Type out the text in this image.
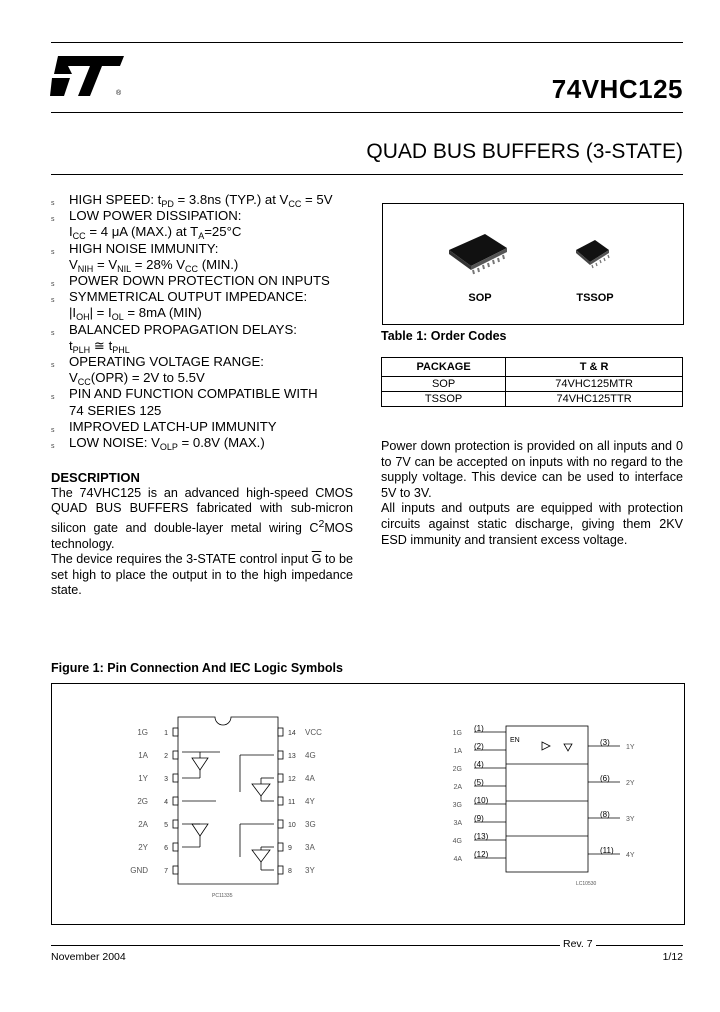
®	74VHC125
QUAD BUS BUFFERS (3-STATE)
s HIGH SPEED: $t_{PD} = 3.8ns$ (TYP.) at $V_{CC} = 5V$
s LOW POWER DISSIPATION:
$I_{CC} = 4$ μA (MAX.) at $T_A=25^\circ C$
s HIGH NOISE IMMUNITY:
$V_{NIH} = V_{NIL} = 28\%$ $V_{CC}$ (MIN.)
s POWER DOWN PROTECTION ON INPUTS
s SYMMETRICAL OUTPUT IMPEDANCE:
$|I_{OH}| = I_{OL} = 8mA$ (MIN)
s BALANCED PROPAGATION DELAYS:
$t_{PLH}$ ≅ $t_{PHL}$
s OPERATING VOLTAGE RANGE:
$V_{CC}(OPR) = 2V$ to 5.5V
s PIN AND FUNCTION COMPATIBLE WITH
74 SERIES 125
s IMPROVED LATCH-UP IMMUNITY
s LOW NOISE: $V_{OLP} = 0.8V$ (MAX.)
DESCRIPTION
The 74VHC125 is an advanced high-speed CMOS QUAD BUS BUFFERS fabricated with sub-micron silicon gate and double-layer metal wiring $C^2MOS$ technology.
The device requires the 3-STATE control input $\overline{G}$ to be set high to place the output in to the high impedance state.
SOP	TSSOP
Table 1: Order Codes
PACKAGE	T & R
SOP	74VHC125MTR
TSSOP	74VHC125TTR
Power down protection is provided on all inputs and 0 to 7V can be accepted on inputs with no regard to the supply voltage. This device can be used to interface 5V to 3V.
All inputs and outputs are equipped with protection circuits against static discharge, giving them 2KV ESD immunity and transient excess voltage.
Figure 1: Pin Connection And IEC Logic Symbols
1
1G
2
1A
3
1Y
4
2G
5
2A
6
2Y
7
GND
14 VCC
13 4G
12 4A
11 4Y
10 3G
9 3A
8 3Y
PC11335
EN
1G
(1)
1A
(2)
2G
(4)
2A
(5)
3G
(10)
3A
(9)
4G
(13)
4A
(12)
(3)
1Y
(6)
2Y
(8)
3Y
(11)
4Y
LC10530
November 2004
Rev. 7
1/12
